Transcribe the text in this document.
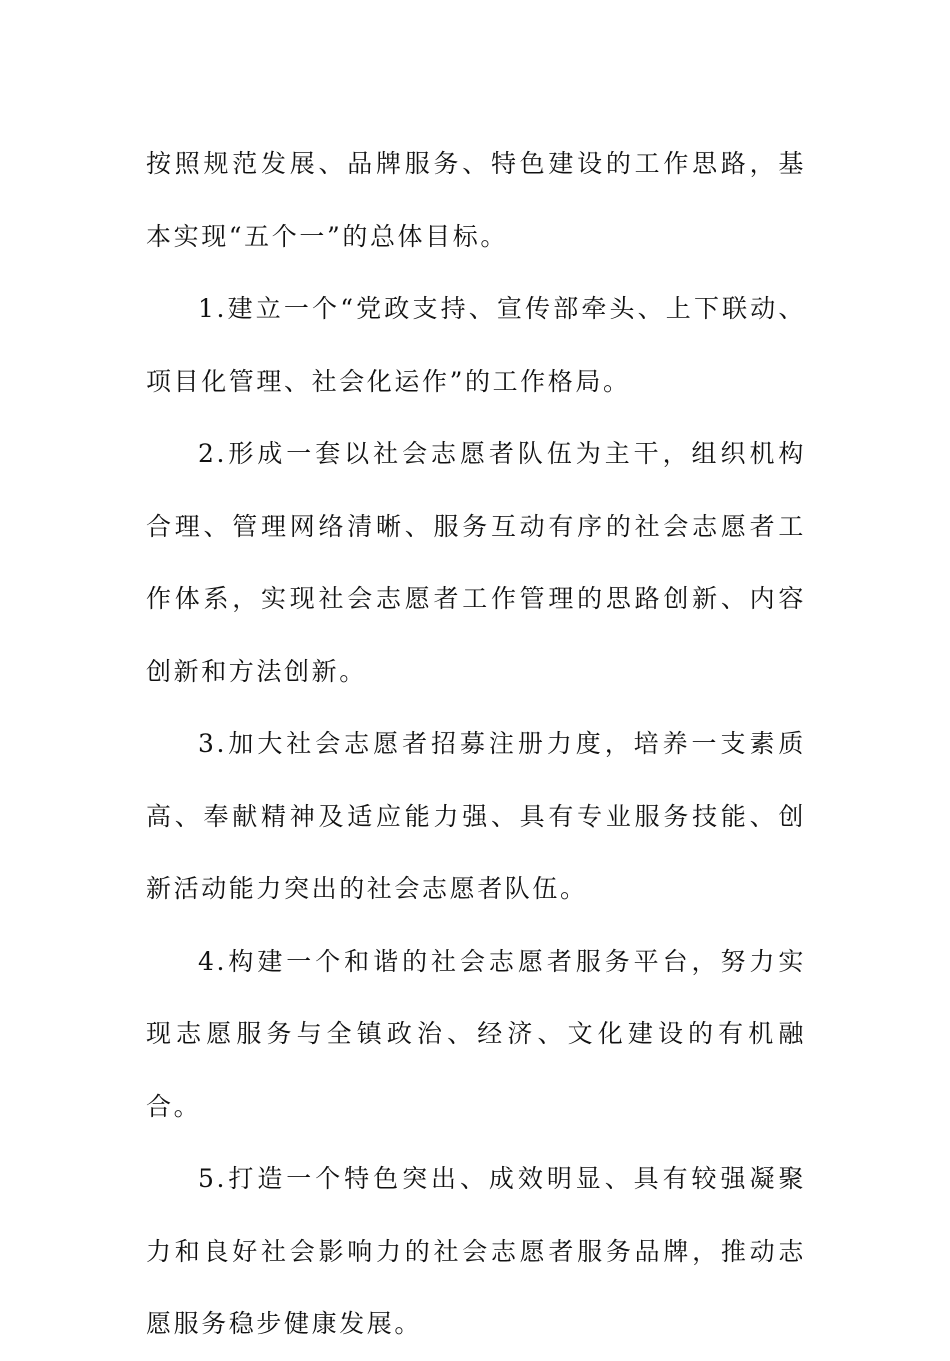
按照规范发展、品牌服务、特色建设的工作思路，基本实现“五个一”的总体目标。

1.建立一个“党政支持、宣传部牵头、上下联动、项目化管理、社会化运作”的工作格局。

2.形成一套以社会志愿者队伍为主干，组织机构合理、管理网络清晰、服务互动有序的社会志愿者工作体系，实现社会志愿者工作管理的思路创新、内容创新和方法创新。

3.加大社会志愿者招募注册力度，培养一支素质高、奉献精神及适应能力强、具有专业服务技能、创新活动能力突出的社会志愿者队伍。

4.构建一个和谐的社会志愿者服务平台，努力实现志愿服务与全镇政治、经济、文化建设的有机融合。

5.打造一个特色突出、成效明显、具有较强凝聚力和良好社会影响力的社会志愿者服务品牌，推动志愿服务稳步健康发展。
